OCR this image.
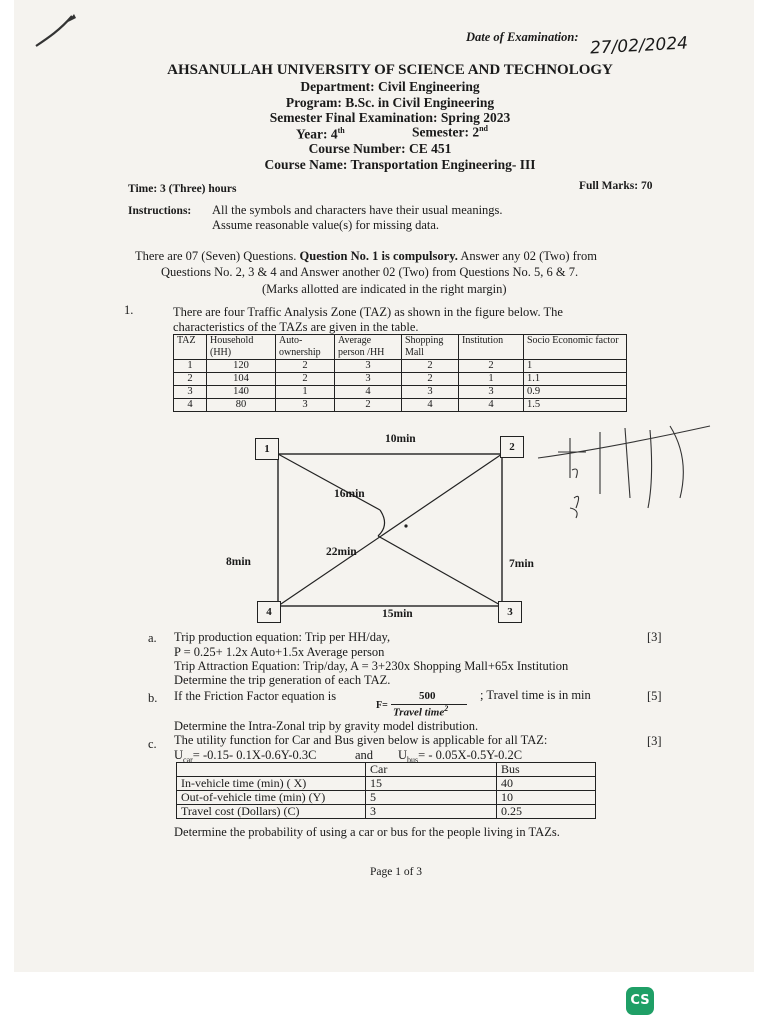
Date of Examination: 27/02/2024
AHSANULLAH UNIVERSITY OF SCIENCE AND TECHNOLOGY
Department: Civil Engineering
Program: B.Sc. in Civil Engineering
Semester Final Examination: Spring 2023
Year: 4th	Semester: 2nd
Course Number: CE 451
Course Name: Transportation Engineering- III
Time: 3 (Three) hours	Full Marks: 70
Instructions: All the symbols and characters have their usual meanings.
Assume reasonable value(s) for missing data.
There are 07 (Seven) Questions. Question No. 1 is compulsory. Answer any 02 (Two) from
Questions No. 2, 3 & 4 and Answer another 02 (Two) from Questions No. 5, 6 & 7.
(Marks allotted are indicated in the right margin)
1.	There are four Traffic Analysis Zone (TAZ) as shown in the figure below. The
characteristics of the TAZs are given in the table.
TAZ	Household (HH)	Auto-ownership	Average person /HH	Shopping Mall	Institution	Socio Economic factor
1	120	2	3	2	2	1
2	104	2	3	2	1	1.1
3	140	1	4	3	3	0.9
4	80	3	2	4	4	1.5
1	2
3
4
10min
15min
8min	7min
16min
22min
a. Trip production equation: Trip per HH/day,	[3]
P = 0.25+ 1.2x Auto+1.5x Average person
Trip Attraction Equation: Trip/day, A = 3+230x Shopping Mall+65x Institution
Determine the trip generation of each TAZ.
b. If the Friction Factor equation is
F=
500
Travel time$^2$
; Travel time is in min	[5]
Determine the Intra-Zonal trip by gravity model distribution.
c. The utility function for Car and Bus given below is applicable for all TAZ:	[3]
$U_{car}= -0.15-$ 0.1X-0.6Y-0.3C	and $U_{bus}= - 0.05X-0.5Y-0.2C$
	Car	Bus
In-vehicle time (min) ( X)	15	40
Out-of-vehicle time (min) (Y)	5	10
Travel cost (Dollars) (C)	3	0.25
Determine the probability of using a car or bus for the people living in TAZs.
Page 1 of 3
CS
